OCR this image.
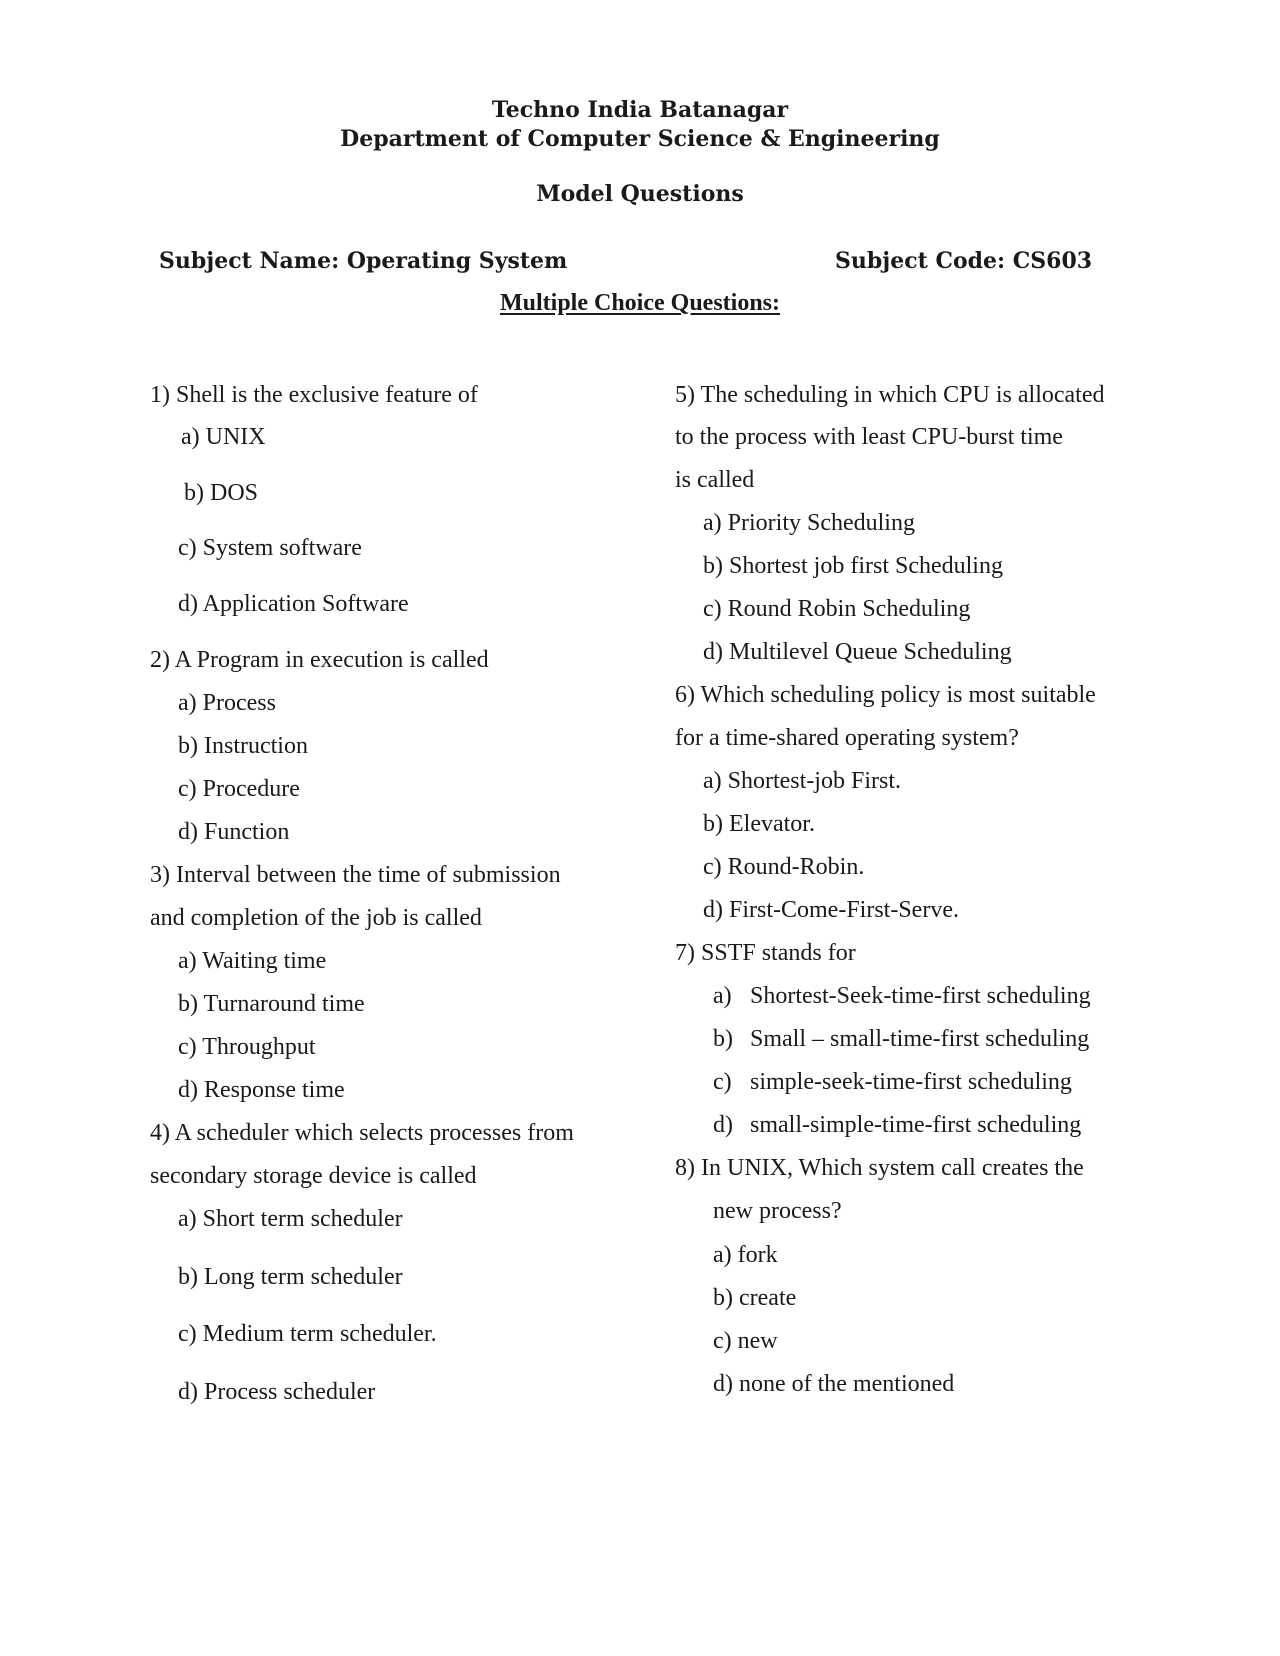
Techno India Batanagar
Department of Computer Science & Engineering
Model Questions
Subject Name: Operating System	Subject Code: CS603
Multiple Choice Questions:
1) Shell is the exclusive feature of
a) UNIX
b) DOS
c) System software
d) Application Software
2) A Program in execution is called
a) Process
b) Instruction
c) Procedure
d) Function
3) Interval between the time of submission
and completion of the job is called
a) Waiting time
b) Turnaround time
c) Throughput
d) Response time
4) A scheduler which selects processes from
secondary storage device is called
a) Short term scheduler
b) Long term scheduler
c) Medium term scheduler.
d) Process scheduler
5) The scheduling in which CPU is allocated
to the process with least CPU-burst time
is called
a) Priority Scheduling
b) Shortest job first Scheduling
c) Round Robin Scheduling
d) Multilevel Queue Scheduling
6) Which scheduling policy is most suitable
for a time-shared operating system?
a) Shortest-job First.
b) Elevator.
c) Round-Robin.
d) First-Come-First-Serve.
7) SSTF stands for
a) Shortest-Seek-time-first scheduling
b) Small – small-time-first scheduling
c) simple-seek-time-first scheduling
d) small-simple-time-first scheduling
8) In UNIX, Which system call creates the
new process?
a) fork
b) create
c) new
d) none of the mentioned
